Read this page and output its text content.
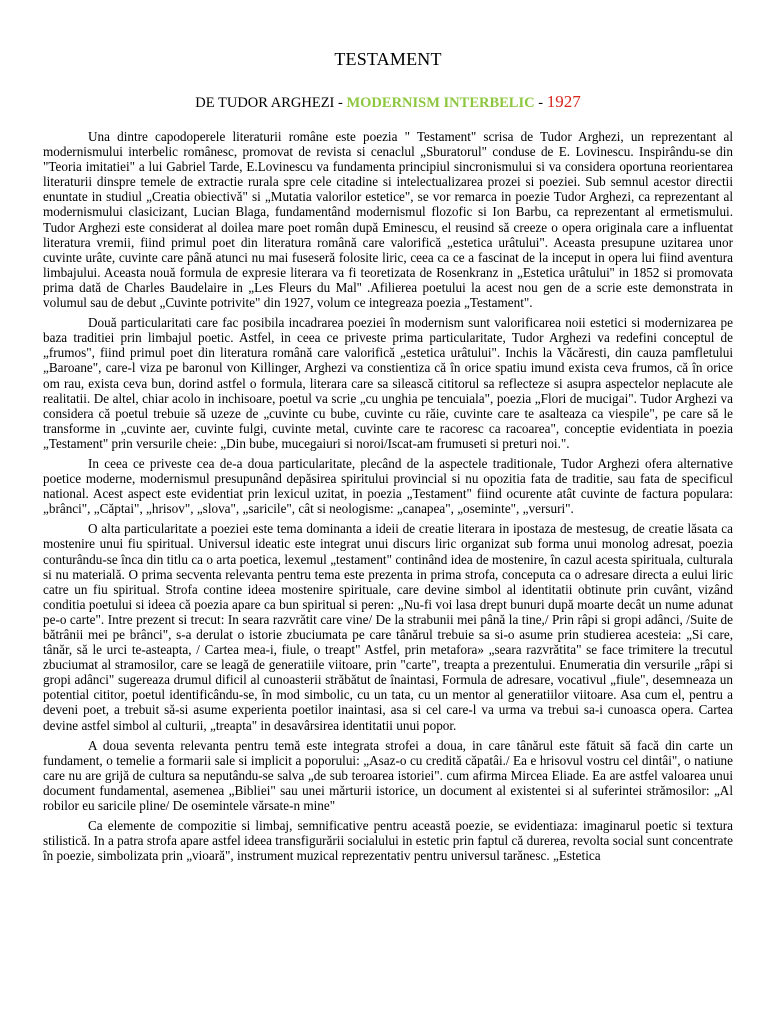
TESTAMENT
DE TUDOR ARGHEZI - MODERNISM INTERBELIC - 1927

Una dintre capodoperele literaturii române este poezia " Testament" scrisa de Tudor Arghezi, un reprezentant al modernismului interbelic românesc, promovat de revista si cenaclul „Sburatorul" conduse de E. Lovinescu. Inspirându-se din "Teoria imitatiei" a lui Gabriel Tarde, E.Lovinescu va fundamenta principiul sincronismului si va considera oportuna reorientarea literaturii dinspre temele de extractie rurala spre cele citadine si intelectualizarea prozei si poeziei. Sub semnul acestor directii enuntate in studiul „Creatia obiectivă" si „Mutatia valorilor estetice", se vor remarca in poezie Tudor Arghezi, ca reprezentant al modernismului clasicizant, Lucian Blaga, fundamentând modernismul flozofic si Ion Barbu, ca reprezentant al ermetismului. Tudor Arghezi este considerat al doilea mare poet român după Eminescu, el reusind să creeze o opera originala care a influentat literatura vremii, fiind primul poet din literatura română care valorifică „estetica urâtului". Aceasta presupune uzitarea unor cuvinte urâte, cuvinte care până atunci nu mai fuseseră folosite liric, ceea ca ce a fascinat de la inceput in opera lui fiind aventura limbajului. Aceasta nouă formula de expresie literara va fi teoretizata de Rosenkranz in „Estetica urâtului'' in 1852 si promovata prima dată de Charles Baudelaire in „Les Fleurs du Mal'' .Afilierea poetului la acest nou gen de a scrie este demonstrata in volumul sau de debut „Cuvinte potrivite" din 1927, volum ce integreaza poezia „Testament".

Două particularitati care fac posibila incadrarea poeziei în modernism sunt valorificarea noii estetici si modernizarea pe baza traditiei prin limbajul poetic. Astfel, in ceea ce priveste prima particularitate, Tudor Arghezi va redefini conceptul de „frumos", fiind primul poet din literatura română care valorifică „estetica urâtului". Inchis la Văcăresti, din cauza pamfletului „Baroane", care-l viza pe baronul von Killinger, Arghezi va constientiza că în orice spatiu imund exista ceva frumos, că în orice om rau, exista ceva bun, dorind astfel o formula, literara care sa silească cititorul sa reflecteze si asupra aspectelor neplacute ale realitatii. De altel, chiar acolo in inchisoare, poetul va scrie „cu unghia pe tencuiala", poezia „Flori de mucigai". Tudor Arghezi va considera că poetul trebuie să uzeze de „cuvinte cu bube, cuvinte cu răie, cuvinte care te asalteaza ca viespile", pe care să le transforme in „cuvinte aer, cuvinte fulgi, cuvinte metal, cuvinte care te racoresc ca racoarea", conceptie evidentiata in poezia „Testament" prin versurile cheie: „Din bube, mucegaiuri si noroi/Iscat-am frumuseti si preturi noi.".

In ceea ce priveste cea de-a doua particularitate, plecând de la aspectele traditionale, Tudor Arghezi ofera alternative poetice moderne, modernismul presupunând depăsirea spiritului provincial si nu opozitia fata de traditie, sau fata de specificul national. Acest aspect este evidentiat prin lexicul uzitat, in poezia „Testament" fiind ocurente atât cuvinte de factura populara: „brânci", „Căptai", „hrisov", „slova", „saricile", cât si neologisme: „canapea", „oseminte", „versuri".

O alta particularitate a poeziei este tema dominanta a ideii de creatie literara in ipostaza de mestesug, de creatie lăsata ca mostenire unui fiu spiritual. Universul ideatic este integrat unui discurs liric organizat sub forma unui monolog adresat, poezia conturându-se înca din titlu ca o arta poetica, lexemul „testament" continând idea de mostenire, în cazul acesta spirituala, culturala si nu materială. O prima secventa relevanta pentru tema este prezenta in prima strofa, conceputa ca o adresare directa a eului liric catre un fiu spiritual. Strofa contine ideea mostenire spirituale, care devine simbol al identitatii obtinute prin cuvânt, vizând conditia poetului si ideea că poezia apare ca bun spiritual si peren: „Nu-fi voi lasa drept bunuri după moarte decât un nume adunat pe-o carte". Intre prezent si trecut: In seara razvrătit care vine/ De la strabunii mei până la tine,/ Prin râpi si gropi adânci, /Suite de bătrânii mei pe brânci", s-a derulat o istorie zbuciumata pe care tânărul trebuie sa si-o asume prin studierea acesteia: „Si care, tânăr, să le urci te-asteapta, / Cartea mea-i, fiule, o treapt" Astfel, prin metafora» „seara razvrătita" se face trimitere la trecutul zbuciumat al stramosilor, care se leagă de generatiile viitoare, prin "carte", treapta a prezentului. Enumeratia din versurile „râpi si gropi adânci" sugereaza drumul dificil al cunoasterii străbătut de înaintasi, Formula de adresare, vocativul „fiule", desemneaza un potential cititor, poetul identificându-se, în mod simbolic, cu un tata, cu un mentor al generatiilor viitoare. Asa cum el, pentru a deveni poet, a trebuit să-si asume experienta poetilor inaintasi, asa si cel care-l va urma va trebui sa-i cunoasca opera. Cartea devine astfel simbol al culturii, „treapta" in desavârsirea identitatii unui popor.

A doua seventa relevanta pentru temă este integrata strofei a doua, in care tânărul este fătuit să facă din carte un fundament, o temelie a formarii sale si implicit a poporului: „Asaz-o cu credită căpatâi./ Ea e hrisovul vostru cel dintâi", o natiune care nu are grijă de cultura sa neputându-se salva „de sub teroarea istoriei". cum afirma Mircea Eliade. Ea are astfel valoarea unui document fundamental, asemenea „Bibliei" sau unei mărturii istorice, un document al existentei si al suferintei strămosilor: „Al robilor eu saricile pline/ De osemintele vărsate-n mine"

Ca elemente de compozitie si limbaj, semnificative pentru această poezie, se evidentiaza: imaginarul poetic si textura stilistică. In a patra strofa apare astfel ideea transfigurării socialului in estetic prin faptul că durerea, revolta social sunt concentrate în poezie, simbolizata prin „vioară", instrument muzical reprezentativ pentru universul tarănesc. „Estetica
